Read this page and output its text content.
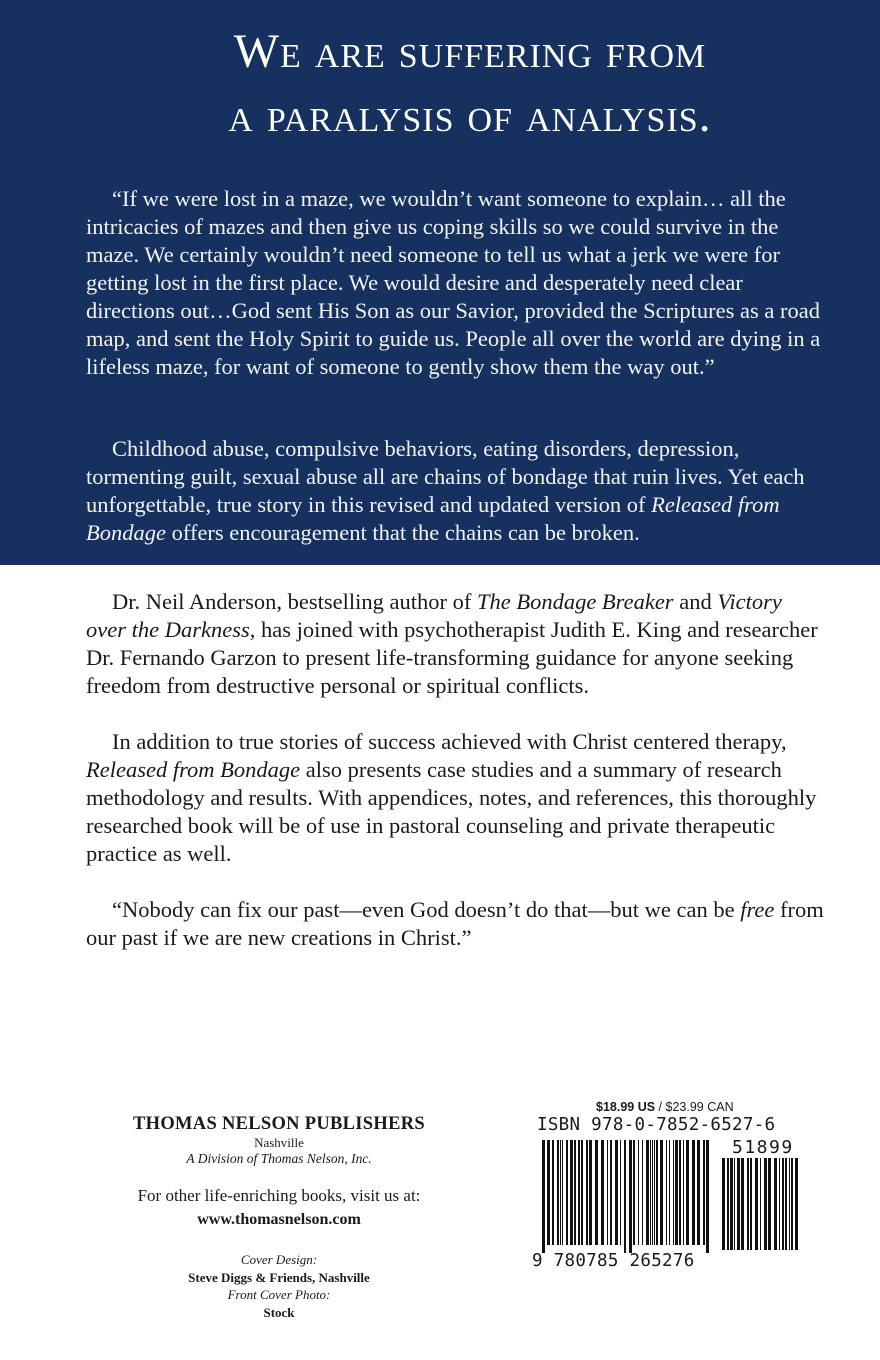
We are suffering from
a paralysis of analysis.

“If we were lost in a maze, we wouldn’t want someone to explain… all the intricacies of mazes and then give us coping skills so we could survive in the maze. We certainly wouldn’t need someone to tell us what a jerk we were for getting lost in the first place. We would desire and desperately need clear directions out…God sent His Son as our Savior, provided the Scriptures as a road map, and sent the Holy Spirit to guide us. People all over the world are dying in a lifeless maze, for want of someone to gently show them the way out.”

Childhood abuse, compulsive behaviors, eating disorders, depression, tormenting guilt, sexual abuse all are chains of bondage that ruin lives. Yet each unforgettable, true story in this revised and updated version of Released from Bondage offers encouragement that the chains can be broken.

Dr. Neil Anderson, bestselling author of The Bondage Breaker and Victory over the Darkness, has joined with psychotherapist Judith E. King and researcher Dr. Fernando Garzon to present life-transforming guidance for anyone seeking freedom from destructive personal or spiritual conflicts.

In addition to true stories of success achieved with Christ centered therapy, Released from Bondage also presents case studies and a summary of research methodology and results. With appendices, notes, and references, this thoroughly researched book will be of use in pastoral counseling and private therapeutic practice as well.

“Nobody can fix our past—even God doesn’t do that—but we can be free from our past if we are new creations in Christ.”

THOMAS NELSON PUBLISHERS
Nashville
A Division of Thomas Nelson, Inc.
For other life-enriching books, visit us at:
www.thomasnelson.com
Cover Design:
Steve Diggs & Friends, Nashville
Front Cover Photo:
Stock
$18.99 US / $23.99 CAN
ISBN 978-0-7852-6527-6
51899
9 780785 265276
